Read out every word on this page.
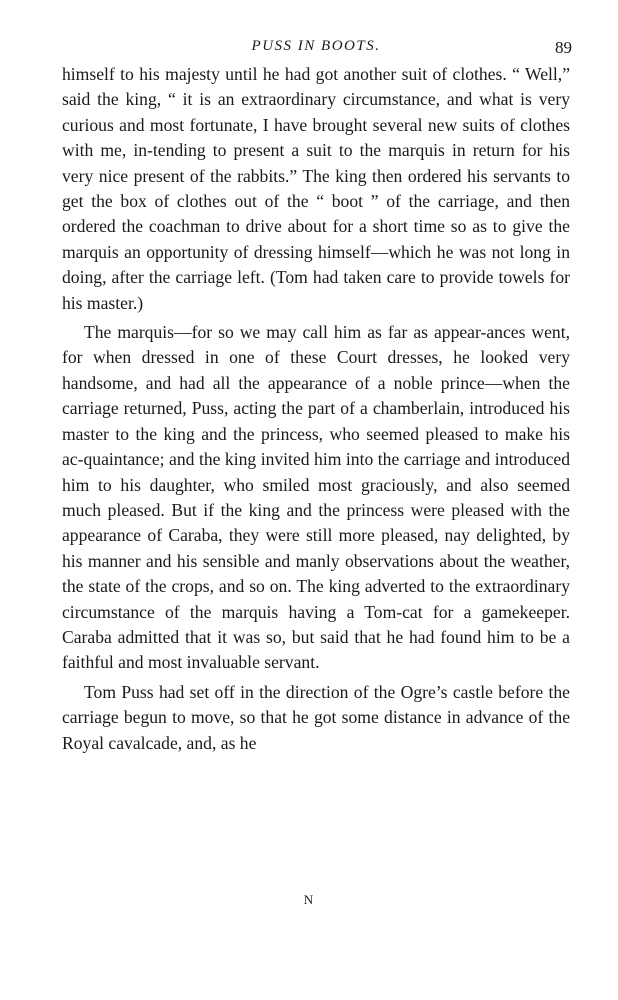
PUSS IN BOOTS.	89

himself to his majesty until he had got another suit of clothes. “ Well,” said the king, “ it is an extraordinary circumstance, and what is very curious and most fortunate, I have brought several new suits of clothes with me, in-tending to present a suit to the marquis in return for his very nice present of the rabbits.” The king then ordered his servants to get the box of clothes out of the “ boot ” of the carriage, and then ordered the coachman to drive about for a short time so as to give the marquis an opportunity of dressing himself—which he was not long in doing, after the carriage left. (Tom had taken care to provide towels for his master.)

The marquis—for so we may call him as far as appear-ances went, for when dressed in one of these Court dresses, he looked very handsome, and had all the appearance of a noble prince—when the carriage returned, Puss, acting the part of a chamberlain, introduced his master to the king and the princess, who seemed pleased to make his ac-quaintance; and the king invited him into the carriage and introduced him to his daughter, who smiled most graciously, and also seemed much pleased. But if the king and the princess were pleased with the appearance of Caraba, they were still more pleased, nay delighted, by his manner and his sensible and manly observations about the weather, the state of the crops, and so on. The king adverted to the extraordinary circumstance of the marquis having a Tom-cat for a gamekeeper. Caraba admitted that it was so, but said that he had found him to be a faithful and most invaluable servant.

Tom Puss had set off in the direction of the Ogre’s castle before the carriage begun to move, so that he got some distance in advance of the Royal cavalcade, and, as he

N
